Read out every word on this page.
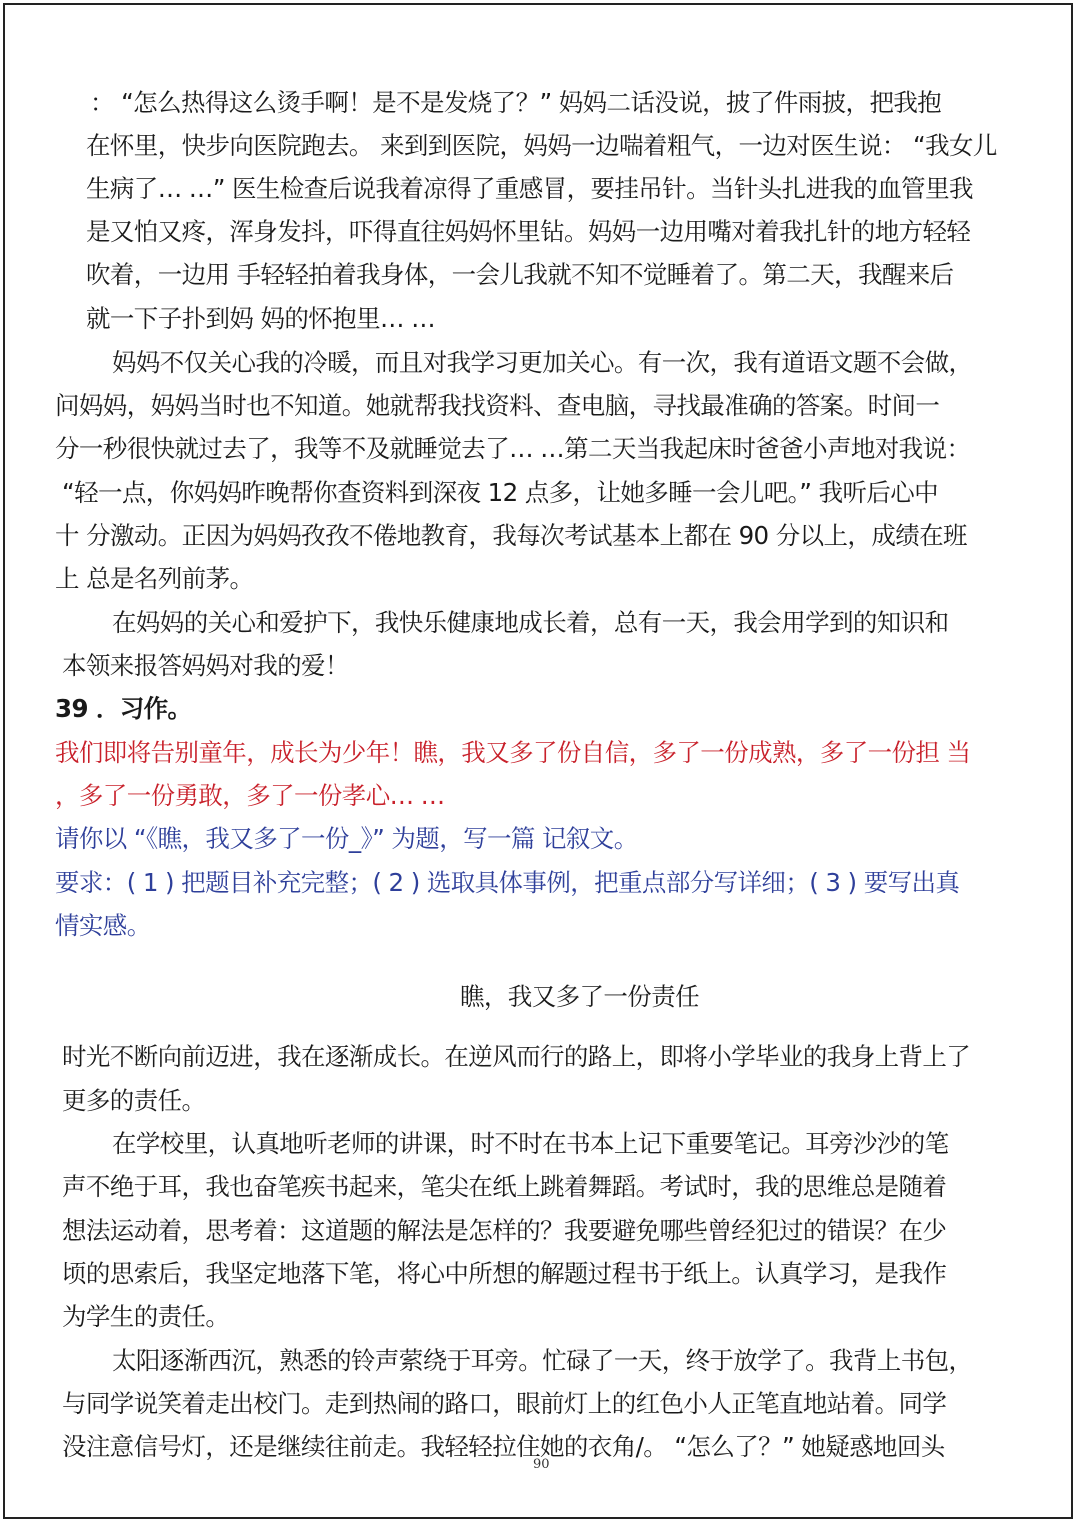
： “怎么热得这么烫手啊！是不是发烧了？” 妈妈二话没说，披了件雨披，把我抱
在怀里，快步向医院跑去。 来到到医院，妈妈一边喘着粗气，一边对医生说： “我女儿
生病了… …” 医生检查后说我着凉得了重感冒，要挂吊针。当针头扎进我的血管里我
是又怕又疼，浑身发抖，吓得直往妈妈怀里钻。妈妈一边用嘴对着我扎针的地方轻轻
吹着，一边用 手轻轻拍着我身体，一会儿我就不知不觉睡着了。第二天，我醒来后
就一下子扑到妈 妈的怀抱里… …
妈妈不仅关心我的冷暖，而且对我学习更加关心。有一次，我有道语文题不会做，
问妈妈，妈妈当时也不知道。她就帮我找资料、查电脑，寻找最准确的答案。时间一
分一秒很快就过去了，我等不及就睡觉去了… …第二天当我起床时爸爸小声地对我说：
“轻一点，你妈妈昨晚帮你查资料到深夜 12 点多，让她多睡一会儿吧。” 我听后心中
十 分激动。正因为妈妈孜孜不倦地教育，我每次考试基本上都在 90 分以上，成绩在班
上 总是名列前茅。
在妈妈的关心和爱护下，我快乐健康地成长着，总有一天，我会用学到的知识和
本领来报答妈妈对我的爱！
39 ．习作。
我们即将告别童年，成长为少年！瞧，我又多了份自信，多了一份成熟，多了一份担 当
，多了一份勇敢，多了一份孝心… …
请你以 “《瞧，我又多了一份_》” 为题，写一篇 记叙文。
要求：( 1 ) 把题目补充完整；( 2 ) 选取具体事例，把重点部分写详细；( 3 ) 要写出真
情实感。
瞧，我又多了一份责任
时光不断向前迈进，我在逐渐成长。在逆风而行的路上，即将小学毕业的我身上背上了
更多的责任。
在学校里，认真地听老师的讲课，时不时在书本上记下重要笔记。耳旁沙沙的笔
声不绝于耳，我也奋笔疾书起来，笔尖在纸上跳着舞蹈。考试时，我的思维总是随着
想法运动着，思考着：这道题的解法是怎样的？我要避免哪些曾经犯过的错误？在少
顷的思索后，我坚定地落下笔，将心中所想的解题过程书于纸上。认真学习，是我作
为学生的责任。
太阳逐渐西沉，熟悉的铃声萦绕于耳旁。忙碌了一天，终于放学了。我背上书包，
与同学说笑着走出校门。走到热闹的路口，眼前灯上的红色小人正笔直地站着。同学
没注意信号灯，还是继续往前走。我轻轻拉住她的衣角/。 “怎么了？” 她疑惑地回头
90
